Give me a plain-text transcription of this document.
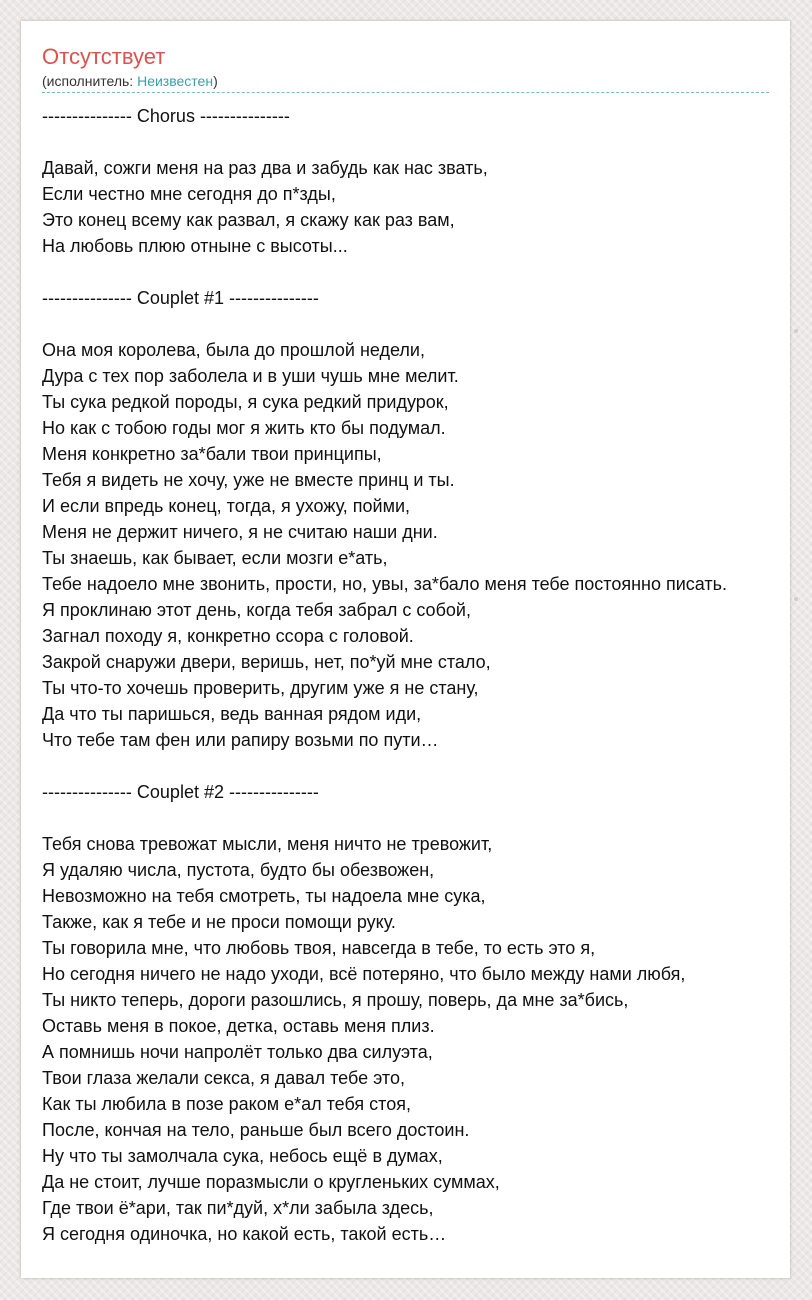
Отсутствует
(исполнитель: Неизвестен)
--------------- Chorus ---------------
Давай, сожги меня на раз два и забудь как нас звать,
Если честно мне сегодня до п*зды,
Это конец всему как развал, я скажу как раз вам,
На любовь плюю отныне с высоты...
--------------- Couplet #1 ---------------
Она моя королева, была до прошлой недели,
Дура с тех пор заболела и в уши чушь мне мелит.
Ты сука редкой породы, я сука редкий придурок,
Но как с тобою годы мог я жить кто бы подумал.
Меня конкретно за*бали твои принципы,
Тебя я видеть не хочу, уже не вместе принц и ты.
И если впредь конец, тогда, я ухожу, пойми,
Меня не держит ничего, я не считаю наши дни.
Ты знаешь, как бывает, если мозги е*ать,
Тебе надоело мне звонить, прости, но, увы, за*бало меня тебе постоянно писать.
Я проклинаю этот день, когда тебя забрал с собой,
Загнал походу я, конкретно ссора с головой.
Закрой снаружи двери, веришь, нет, по*уй мне стало,
Ты что-то хочешь проверить, другим уже я не стану,
Да что ты паришься, ведь ванная рядом иди,
Что тебе там фен или рапиру возьми по пути…
--------------- Couplet #2 ---------------
Тебя снова тревожат мысли, меня ничто не тревожит,
Я удаляю числа, пустота, будто бы обезвожен,
Невозможно на тебя смотреть, ты надоела мне сука,
Также, как я тебе и не проси помощи руку.
Ты говорила мне, что любовь твоя, навсегда в тебе, то есть это я,
Но сегодня ничего не надо уходи, всё потеряно, что было между нами любя,
Ты никто теперь, дороги разошлись, я прошу, поверь, да мне за*бись,
Оставь меня в покое, детка, оставь меня плиз.
А помнишь ночи напролёт только два силуэта,
Твои глаза желали секса, я давал тебе это,
Как ты любила в позе раком е*ал тебя стоя,
После, кончая на тело, раньше был всего достоин.
Ну что ты замолчала сука, небось ещё в думах,
Да не стоит, лучше поразмысли о кругленьких суммах,
Где твои ё*ари, так пи*дуй, х*ли забыла здесь,
Я сегодня одиночка, но какой есть, такой есть…
